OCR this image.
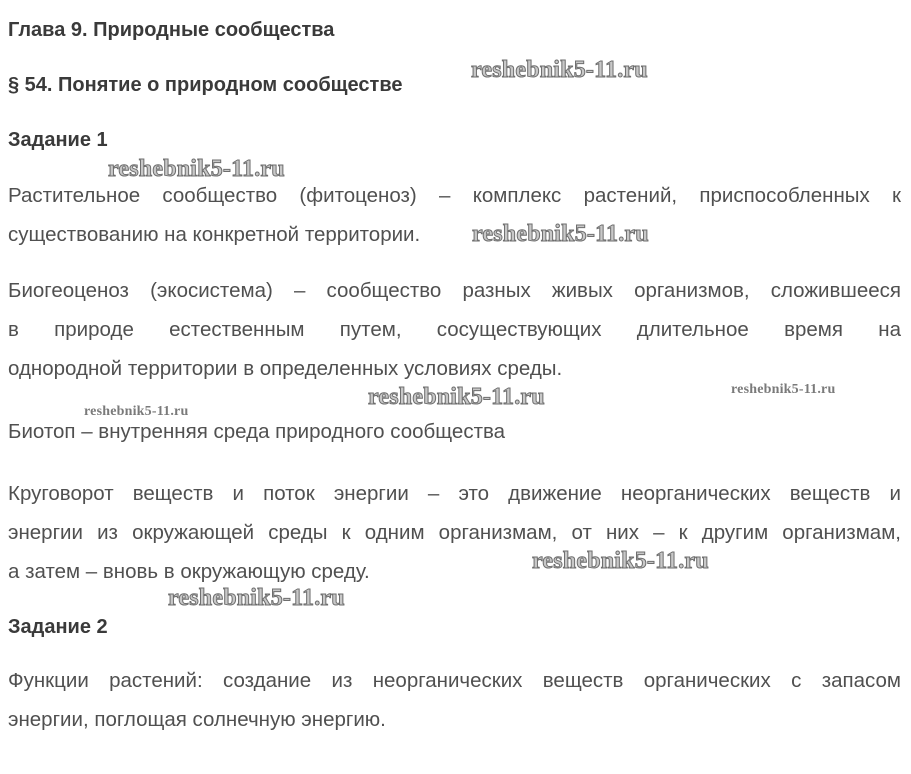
Глава 9. Природные сообщества
§ 54. Понятие о природном сообществе
Задание 1
Растительное сообщество (фитоценоз) – комплекс растений, приспособленных к
существованию на конкретной территории.
Биогеоценоз (экосистема) – сообщество разных живых организмов, сложившееся
в природе естественным путем, сосуществующих длительное время на
однородной территории в определенных условиях среды.
Биотоп – внутренняя среда природного сообщества
Круговорот веществ и поток энергии – это движение неорганических веществ и
энергии из окружающей среды к одним организмам, от них – к другим организмам,
а затем – вновь в окружающую среду.
Задание 2
Функции растений: создание из неорганических веществ органических с запасом
энергии, поглощая солнечную энергию.
reshebnik5-11.ru
reshebnik5-11.ru
reshebnik5-11.ru
reshebnik5-11.ru	reshebnik5-11.ru
reshebnik5-11.ru
reshebnik5-11.ru
reshebnik5-11.ru
